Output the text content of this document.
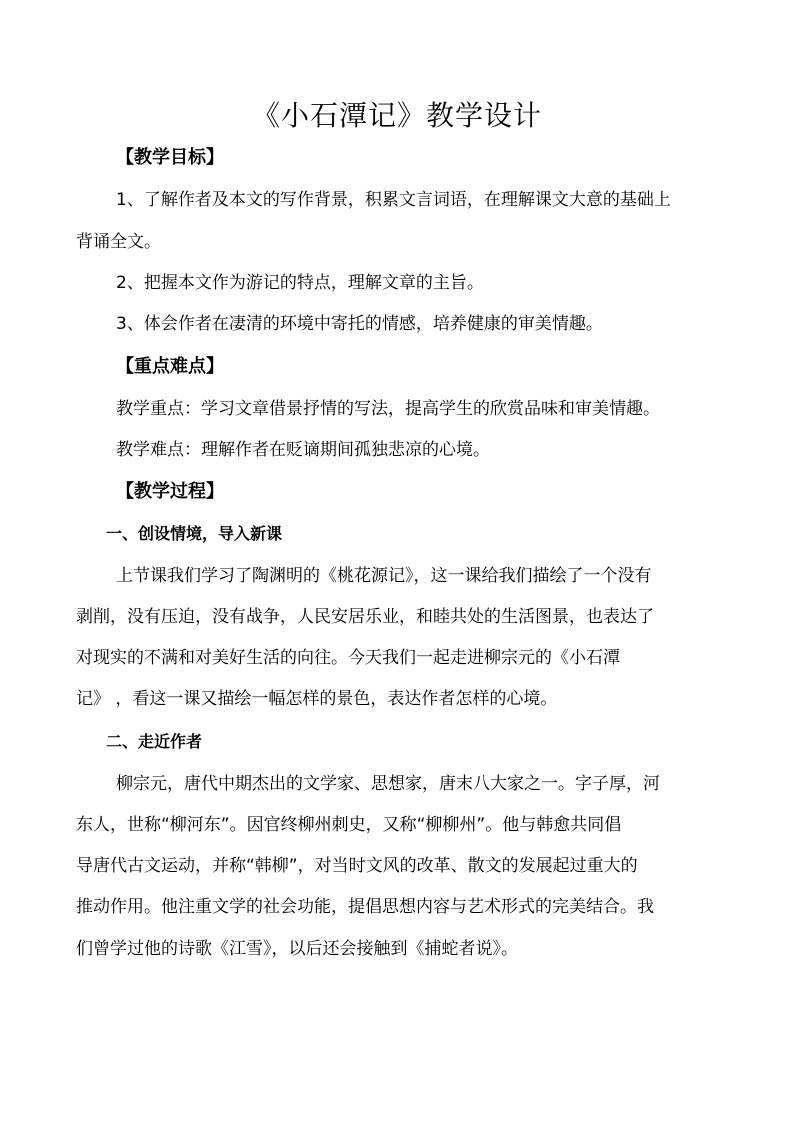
《小石潭记》教学设计
【教学目标】
1、了解作者及本文的写作背景，积累文言词语，在理解课文大意的基础上
背诵全文。
2、把握本文作为游记的特点，理解文章的主旨。
3、体会作者在凄清的环境中寄托的情感，培养健康的审美情趣。
【重点难点】
教学重点：学习文章借景抒情的写法，提高学生的欣赏品味和审美情趣。
教学难点：理解作者在贬谪期间孤独悲凉的心境。
【教学过程】
一、创设情境，导入新课
上节课我们学习了陶渊明的《桃花源记》，这一课给我们描绘了一个没有
剥削，没有压迫，没有战争，人民安居乐业，和睦共处的生活图景，也表达了
对现实的不满和对美好生活的向往。今天我们一起走进柳宗元的《小石潭
记》 ，看这一课又描绘一幅怎样的景色，表达作者怎样的心境。
二、走近作者
柳宗元，唐代中期杰出的文学家、思想家，唐末八大家之一。字子厚，河
东人，世称“柳河东”。因官终柳州刺史，又称“柳柳州”。他与韩愈共同倡
导唐代古文运动，并称“韩柳”，对当时文风的改革、散文的发展起过重大的
推动作用。他注重文学的社会功能，提倡思想内容与艺术形式的完美结合。我
们曾学过他的诗歌《江雪》，以后还会接触到《捕蛇者说》。
